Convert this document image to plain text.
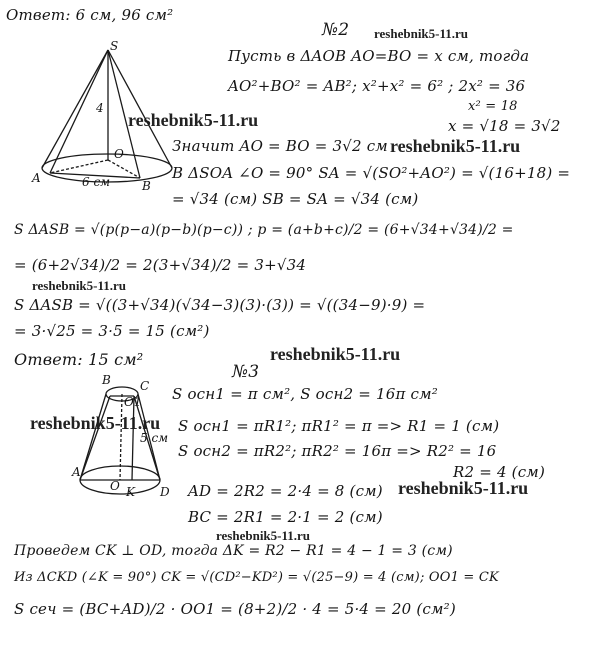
Ответ: 6 см, 96 см²
№2 reshebnik5-11.ru
Пусть в ΔAOB AO=BO = x см, тогда
AO²+BO² = AB²; x²+x² = 6² ; 2x² = 36
x² = 18
x = √18 = 3√2
reshebnik5-11.ru
Значит AO = BO = 3√2 см reshebnik5-11.ru
В ΔSOA ∠O = 90° SA = √(SO²+AO²) = √(16+18) =
= √34 (см) SB = SA = √34 (см)
S ΔASB = √(p(p−a)(p−b)(p−c)) ; p = (a+b+c)/2 = (6+√34+√34)/2 =
= (6+2√34)/2 = 2(3+√34)/2 = 3+√34
reshebnik5-11.ru
S ΔASB = √((3+√34)(√34−3)(3)·(3)) = √((34−9)·9) =
= 3·√25 = 3·5 = 15 (см²)
Ответ: 15 см²	reshebnik5-11.ru
S
A
B
O
4
6 см
№3
S осн1 = π см², S осн2 = 16π см²
reshebnik5-11.ru S осн1 = πR1²; πR1² = π => R1 = 1 (см)
S осн2 = πR2²; πR2² = 16π => R2² = 16
R2 = 4 (см)
AD = 2R2 = 2·4 = 8 (см) reshebnik5-11.ru
BC = 2R1 = 2·1 = 2 (см)
reshebnik5-11.ru
Проведем CK ⊥ OD, тогда ΔK = R2 − R1 = 4 − 1 = 3 (см)
Из ΔCKD (∠K = 90°) CK = √(CD²−KD²) = √(25−9) = 4 (см); OO1 = CK
S сеч = (BC+AD)/2 · OO1 = (8+2)/2 · 4 = 5·4 = 20 (см²)
B C
A
D
O
O1
K
5 см
